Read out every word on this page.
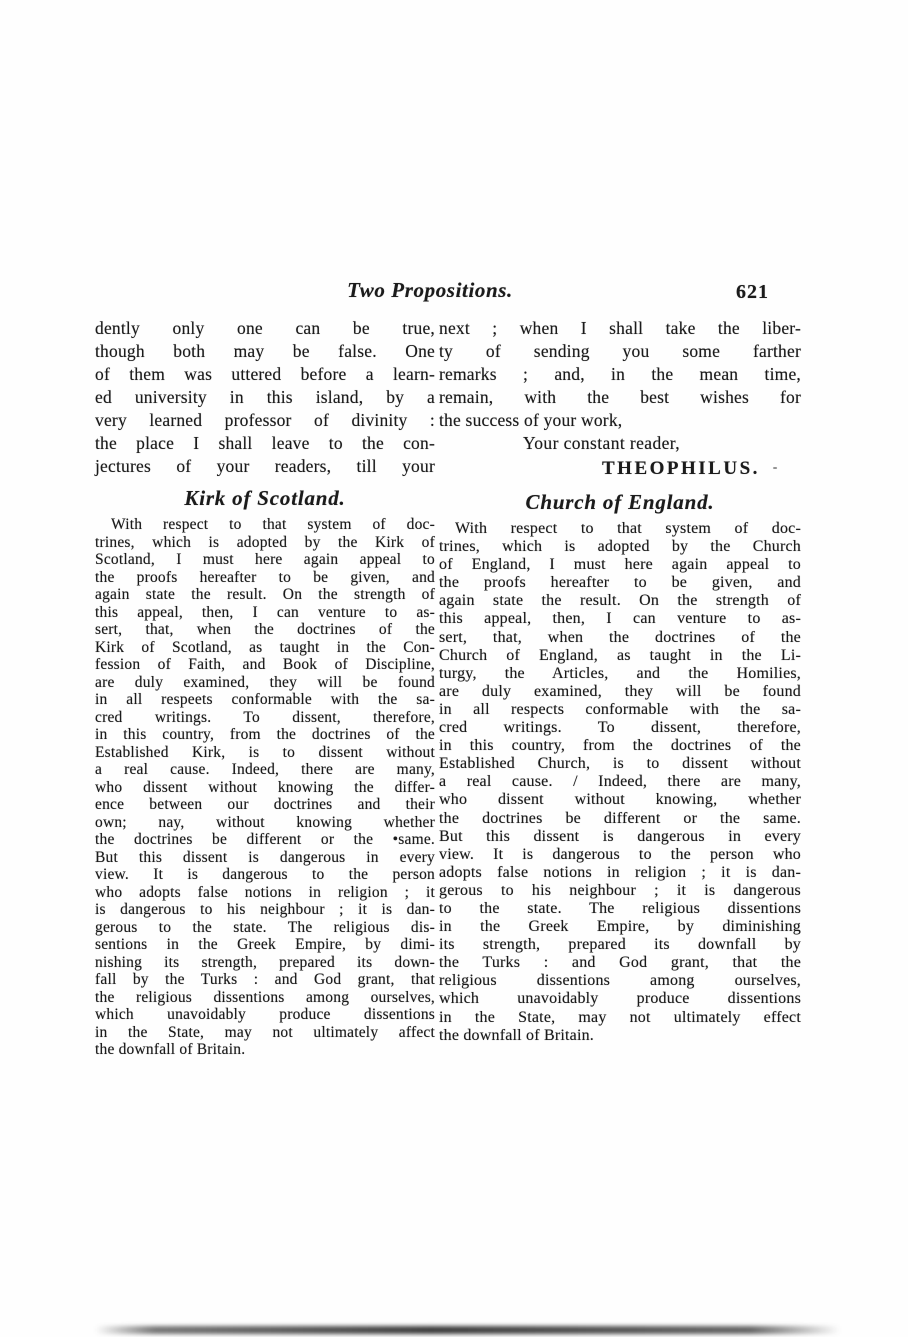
Two Propositions.	621
dently only one can be true,
though both may be false. One
of them was uttered before a learn-
ed university in this island, by a
very learned professor of divinity :
the place I shall leave to the con-
jectures of your readers, till your
Kirk of Scotland.
With respect to that system of doc-
trines, which is adopted by the Kirk of
Scotland, I must here again appeal to
the proofs hereafter to be given, and
again state the result. On the strength of
this appeal, then, I can venture to as-
sert, that, when the doctrines of the
Kirk of Scotland, as taught in the Con-
fession of Faith, and Book of Discipline,
are duly examined, they will be found
in all respeets conformable with the sa-
cred writings. To dissent, therefore,
in this country, from the doctrines of the
Established Kirk, is to dissent without
a real cause. Indeed, there are many,
who dissent without knowing the differ-
ence between our doctrines and their
own; nay, without knowing whether
the doctrines be different or the •same.
But this dissent is dangerous in every
view. It is dangerous to the person
who adopts false notions in religion ; it
is dangerous to his neighbour ; it is dan-
gerous to the state. The religious dis-
sentions in the Greek Empire, by dimi-
nishing its strength, prepared its down-
fall by the Turks : and God grant, that
the religious dissentions among ourselves,
which unavoidably produce dissentions
in the State, may not ultimately affect
the downfall of Britain.
next ; when I shall take the liber-
ty of sending you some farther
remarks ; and, in the mean time,
remain, with the best wishes for
the success of your work,
Your constant reader,
THEOPHILUS. -
Church of England.
With respect to that system of doc-
trines, which is adopted by the Church
of England, I must here again appeal to
the proofs hereafter to be given, and
again state the result. On the strength of
this appeal, then, I can venture to as-
sert, that, when the doctrines of the
Church of England, as taught in the Li-
turgy, the Articles, and the Homilies,
are duly examined, they will be found
in all respects conformable with the sa-
cred writings. To dissent, therefore,
in this country, from the doctrines of the
Established Church, is to dissent without
a real cause. / Indeed, there are many,
who dissent without knowing, whether
the doctrines be different or the same.
But this dissent is dangerous in every
view. It is dangerous to the person who
adopts false notions in religion ; it is dan-
gerous to his neighbour ; it is dangerous
to the state. The religious dissentions
in the Greek Empire, by diminishing
its strength, prepared its downfall by
the Turks : and God grant, that the
religious dissentions among ourselves,
which unavoidably produce dissentions
in the State, may not ultimately effect
the downfall of Britain.
